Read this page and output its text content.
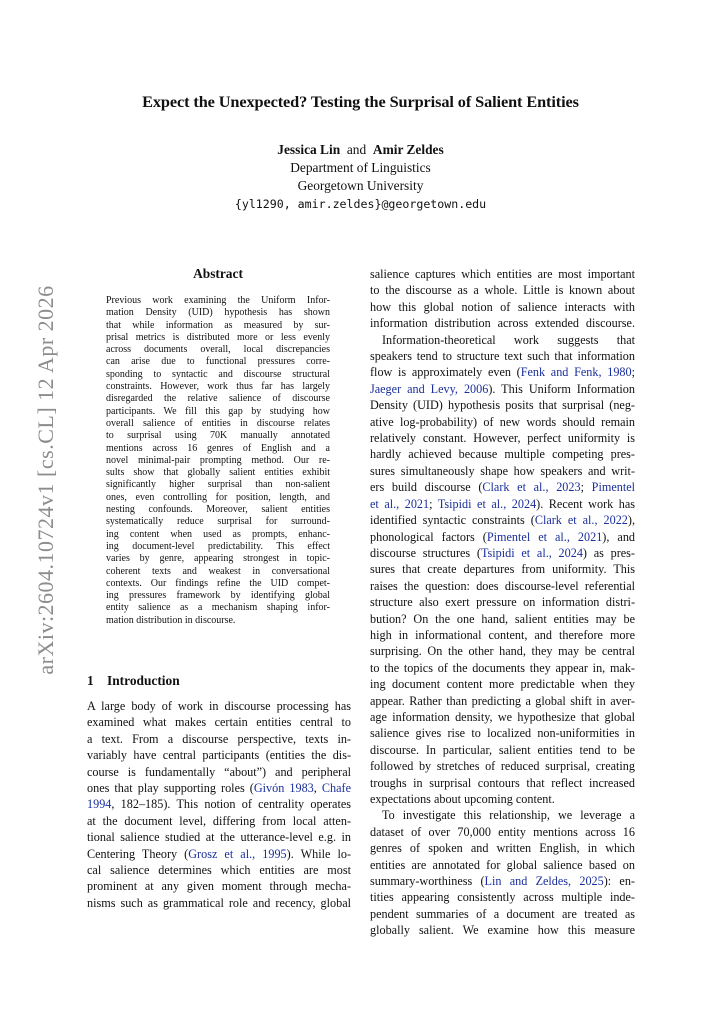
Expect the Unexpected? Testing the Surprisal of Salient Entities
Jessica Lin and Amir Zeldes
Department of Linguistics
Georgetown University
{yl1290, amir.zeldes}@georgetown.edu
arXiv:2604.10724v1 [cs.CL] 12 Apr 2026
Abstract
Previous work examining the Uniform Infor-
mation Density (UID) hypothesis has shown
that while information as measured by sur-
prisal metrics is distributed more or less evenly
across documents overall, local discrepancies
can arise due to functional pressures corre-
sponding to syntactic and discourse structural
constraints. However, work thus far has largely
disregarded the relative salience of discourse
participants. We fill this gap by studying how
overall salience of entities in discourse relates
to surprisal using 70K manually annotated
mentions across 16 genres of English and a
novel minimal-pair prompting method. Our re-
sults show that globally salient entities exhibit
significantly higher surprisal than non-salient
ones, even controlling for position, length, and
nesting confounds. Moreover, salient entities
systematically reduce surprisal for surround-
ing content when used as prompts, enhanc-
ing document-level predictability. This effect
varies by genre, appearing strongest in topic-
coherent texts and weakest in conversational
contexts. Our findings refine the UID compet-
ing pressures framework by identifying global
entity salience as a mechanism shaping infor-
mation distribution in discourse.
1 Introduction
A large body of work in discourse processing has
examined what makes certain entities central to
a text. From a discourse perspective, texts in-
variably have central participants (entities the dis-
course is fundamentally “about”) and peripheral
ones that play supporting roles (Givón 1983, Chafe
1994, 182–185). This notion of centrality operates
at the document level, differing from local atten-
tional salience studied at the utterance-level e.g. in
Centering Theory (Grosz et al., 1995). While lo-
cal salience determines which entities are most
prominent at any given moment through mecha-
nisms such as grammatical role and recency, global
salience captures which entities are most important
to the discourse as a whole. Little is known about
how this global notion of salience interacts with
information distribution across extended discourse.
Information-theoretical work suggests that
speakers tend to structure text such that information
flow is approximately even (Fenk and Fenk, 1980;
Jaeger and Levy, 2006). This Uniform Information
Density (UID) hypothesis posits that surprisal (neg-
ative log-probability) of new words should remain
relatively constant. However, perfect uniformity is
hardly achieved because multiple competing pres-
sures simultaneously shape how speakers and writ-
ers build discourse (Clark et al., 2023; Pimentel
et al., 2021; Tsipidi et al., 2024). Recent work has
identified syntactic constraints (Clark et al., 2022),
phonological factors (Pimentel et al., 2021), and
discourse structures (Tsipidi et al., 2024) as pres-
sures that create departures from uniformity. This
raises the question: does discourse-level referential
structure also exert pressure on information distri-
bution? On the one hand, salient entities may be
high in informational content, and therefore more
surprising. On the other hand, they may be central
to the topics of the documents they appear in, mak-
ing document content more predictable when they
appear. Rather than predicting a global shift in aver-
age information density, we hypothesize that global
salience gives rise to localized non-uniformities in
discourse. In particular, salient entities tend to be
followed by stretches of reduced surprisal, creating
troughs in surprisal contours that reflect increased
expectations about upcoming content.
To investigate this relationship, we leverage a
dataset of over 70,000 entity mentions across 16
genres of spoken and written English, in which
entities are annotated for global salience based on
summary-worthiness (Lin and Zeldes, 2025): en-
tities appearing consistently across multiple inde-
pendent summaries of a document are treated as
globally salient. We examine how this measure
